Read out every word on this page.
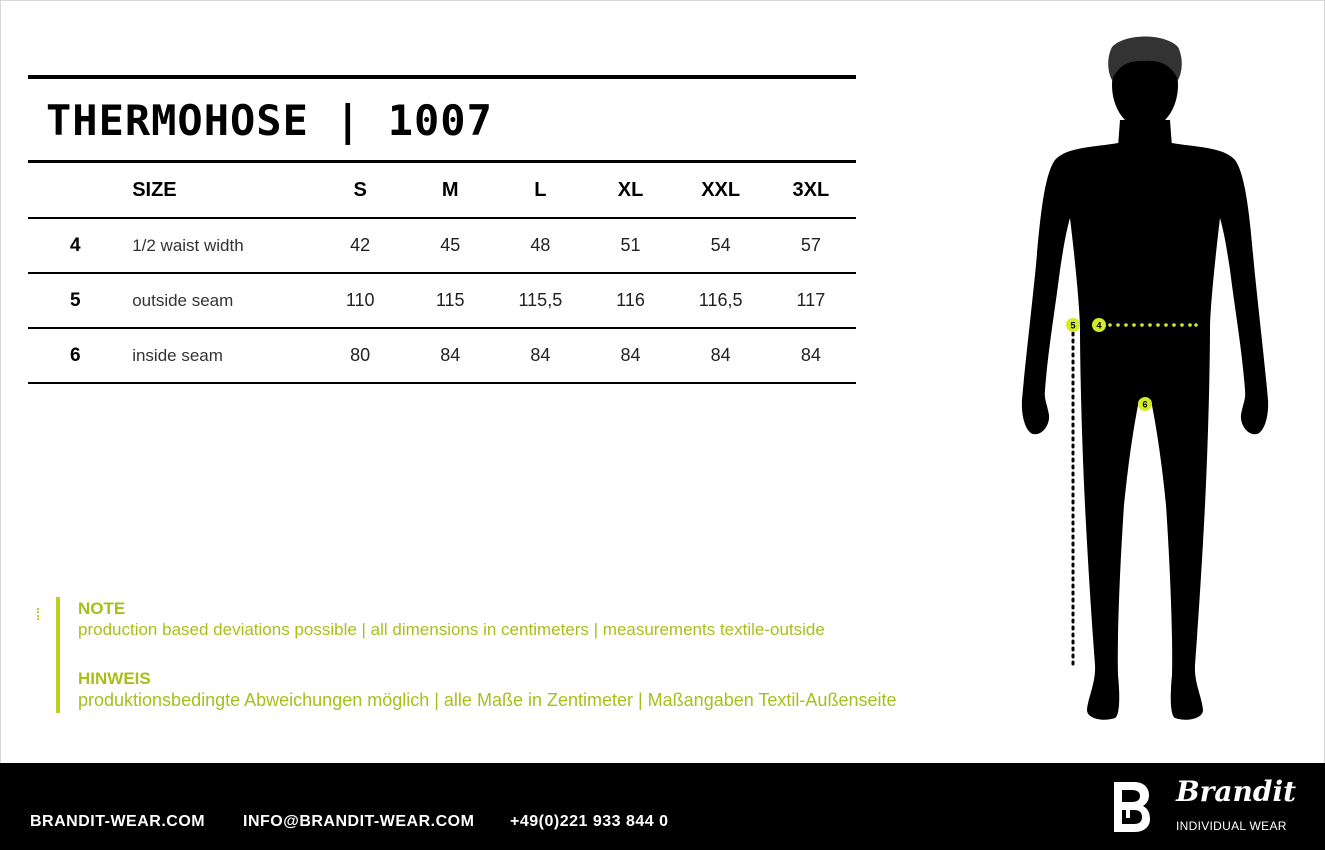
THERMOHOSE | 1007
	SIZE	S	M	L	XL	XXL	3XL
4	1/2 waist width	42	45	48	51	54	57
5	outside seam	110	115	115,5	116	116,5	117
6	inside seam	80	84	84	84	84	84
NOTE
production based deviations possible | all dimensions in centimeters | measurements textile-outside
HINWEIS
produktionsbedingte Abweichungen möglich | alle Maße in Zentimeter | Maßangaben Textil-Außenseite
5 4
6
BRANDIT-WEAR.COM INFO@BRANDIT-WEAR.COM +49(0)221 933 844 0
Brandit
INDIVIDUAL WEAR
